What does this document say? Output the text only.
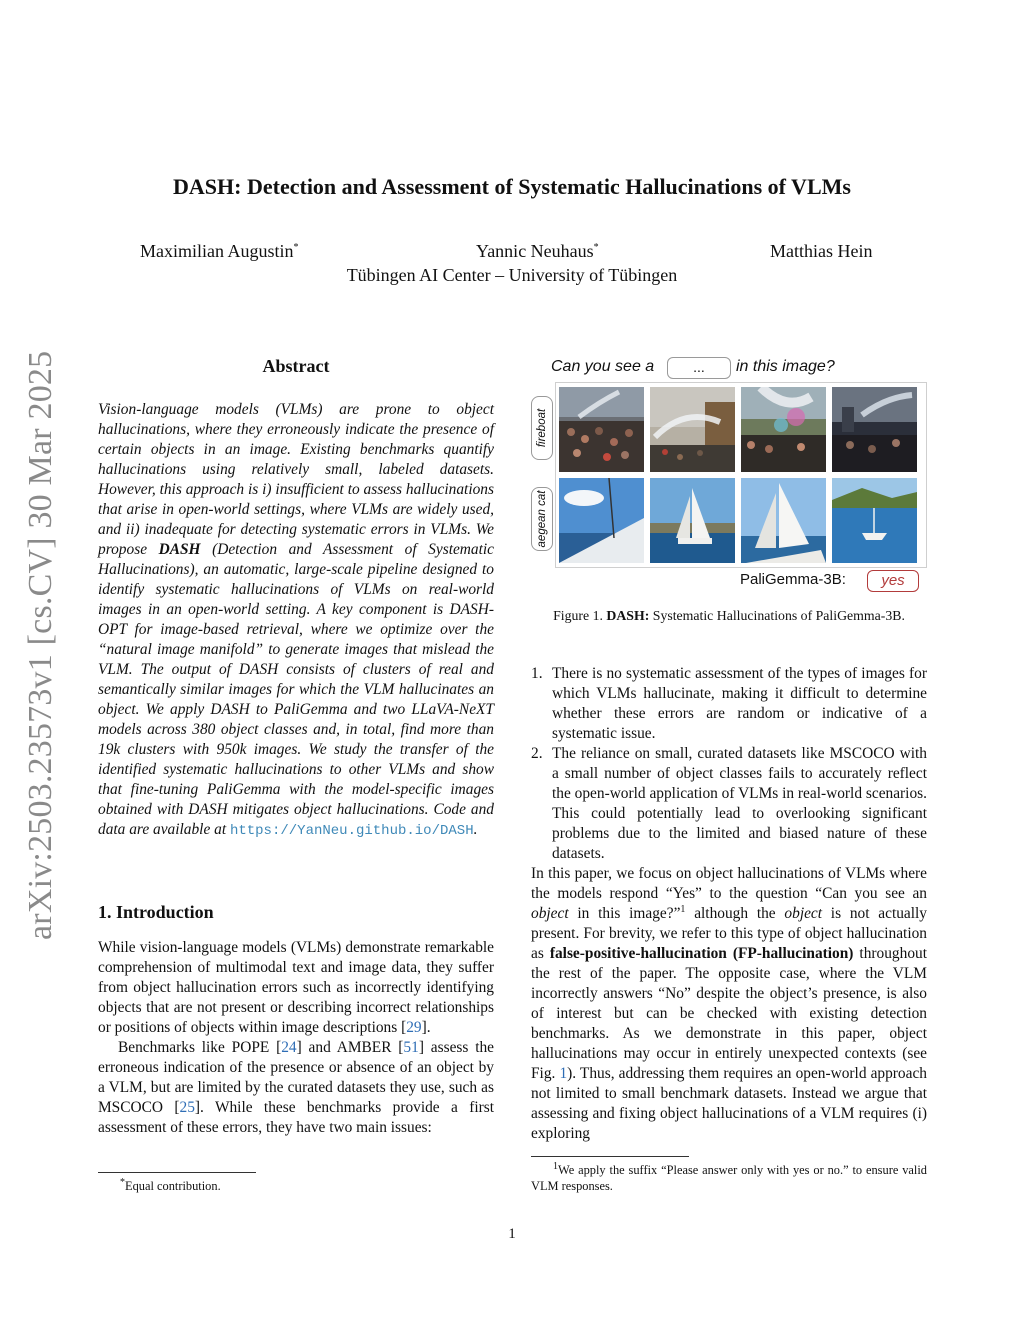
arXiv:2503.23573v1 [cs.CV] 30 Mar 2025
DASH: Detection and Assessment of Systematic Hallucinations of VLMs
Maximilian Augustin*	Yannic Neuhaus*	Matthias Hein
Tübingen AI Center – University of Tübingen
Abstract

Vision-language models (VLMs) are prone to object hallucinations, where they erroneously indicate the presence of certain objects in an image. Existing benchmarks quantify hallucinations using relatively small, labeled datasets. However, this approach is i) insufficient to assess hallucinations that arise in open-world settings, where VLMs are widely used, and ii) inadequate for detecting systematic errors in VLMs. We propose DASH (Detection and Assessment of Systematic Hallucinations), an automatic, large-scale pipeline designed to identify systematic hallucinations of VLMs on real-world images in an open-world setting. A key component is DASH-OPT for image-based retrieval, where we optimize over the “natural image manifold” to generate images that mislead the VLM. The output of DASH consists of clusters of real and semantically similar images for which the VLM hallucinates an object. We apply DASH to PaliGemma and two LLaVA-NeXT models across 380 object classes and, in total, find more than 19k clusters with 950k images. We study the transfer of the identified systematic hallucinations to other VLMs and show that fine-tuning PaliGemma with the model-specific images obtained with DASH mitigates object hallucinations. Code and data are available at https://YanNeu.github.io/DASH.

1. Introduction

While vision-language models (VLMs) demonstrate remarkable comprehension of multimodal text and image data, they suffer from object hallucination errors such as incorrectly identifying objects that are not present or describing incorrect relationships or positions of objects within image descriptions [29].

Benchmarks like POPE [24] and AMBER [51] assess the erroneous indication of the presence or absence of an object by a VLM, but are limited by the curated datasets they use, such as MSCOCO [25]. While these benchmarks provide a first assessment of these errors, they have two main issues:

*Equal contribution.
Can you see a	...	in this image?
fireboat
aegean cat
PaliGemma-3B:	yes
Figure 1. DASH: Systematic Hallucinations of PaliGemma-3B.
1. There is no systematic assessment of the types of images for which VLMs hallucinate, making it difficult to determine whether these errors are random or indicative of a systematic issue.
2. The reliance on small, curated datasets like MSCOCO with a small number of object classes fails to accurately reflect the open-world application of VLMs in real-world scenarios. This could potentially lead to overlooking significant problems due to the limited and biased nature of these datasets.

In this paper, we focus on object hallucinations of VLMs where the models respond “Yes” to the question “Can you see an object in this image?”$^1$ although the object is not actually present. For brevity, we refer to this type of object hallucination as false-positive-hallucination (FP-hallucination) throughout the rest of the paper. The opposite case, where the VLM incorrectly answers “No” despite the object’s presence, is also of interest but can be checked with existing detection benchmarks. As we demonstrate in this paper, object hallucinations may occur in entirely unexpected contexts (see Fig. 1). Thus, addressing them requires an open-world approach not limited to small benchmark datasets. Instead we argue that assessing and fixing object hallucinations of a VLM requires (i) exploring

$^1$We apply the suffix “Please answer only with yes or no.” to ensure valid VLM responses.
1
